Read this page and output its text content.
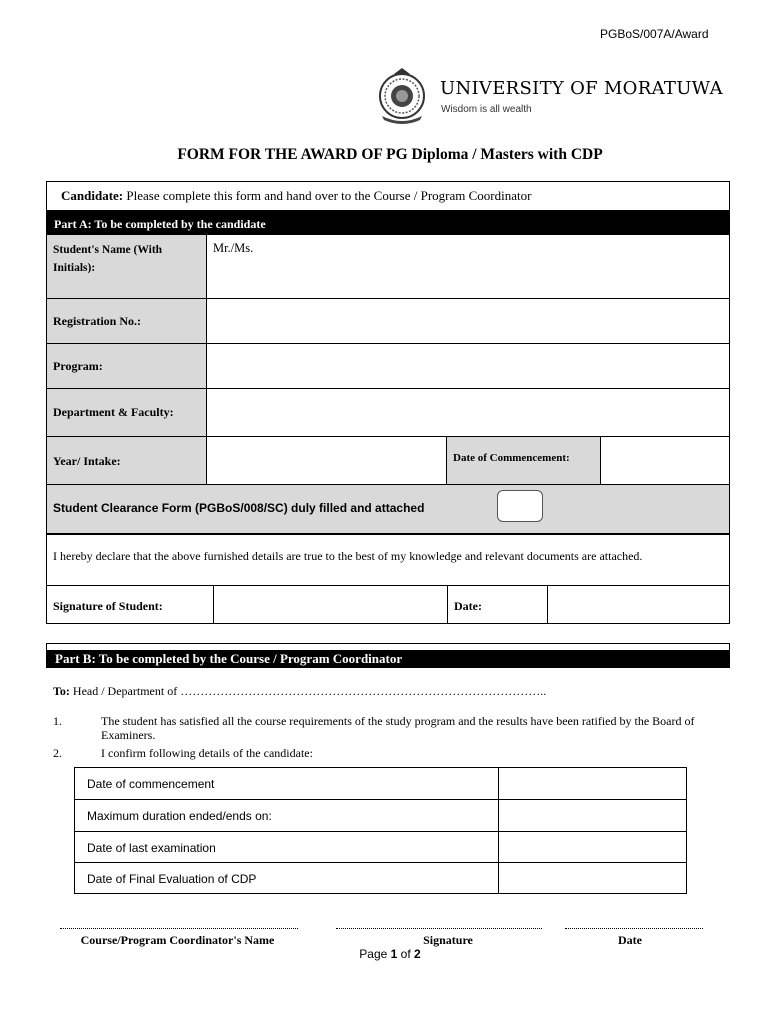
PGBoS/007A/Award
UNIVERSITY OF MORATUWA
Wisdom is all wealth
FORM FOR THE AWARD OF PG Diploma / Masters with CDP
Candidate: Please complete this form and hand over to the Course / Program Coordinator
Part A: To be completed by the candidate
Student's Name (With Initials):
Mr./Ms.
Registration No.:
Program:
Department & Faculty:
Year/ Intake:	Date of Commencement:
Student Clearance Form (PGBoS/008/SC) duly filled and attached
I hereby declare that the above furnished details are true to the best of my knowledge and relevant documents are attached.
Signature of Student:	Date:
Part B: To be completed by the Course / Program Coordinator
To: Head / Department of ………………………………………………………………………………..
1.	The student has satisfied all the course requirements of the study program and the results have been ratified by the Board of Examiners.
2.	I confirm following details of the candidate:
Date of commencement
Maximum duration ended/ends on:
Date of last examination
Date of Final Evaluation of CDP
Course/Program Coordinator's Name	Signature	Date
Page 1 of 2
